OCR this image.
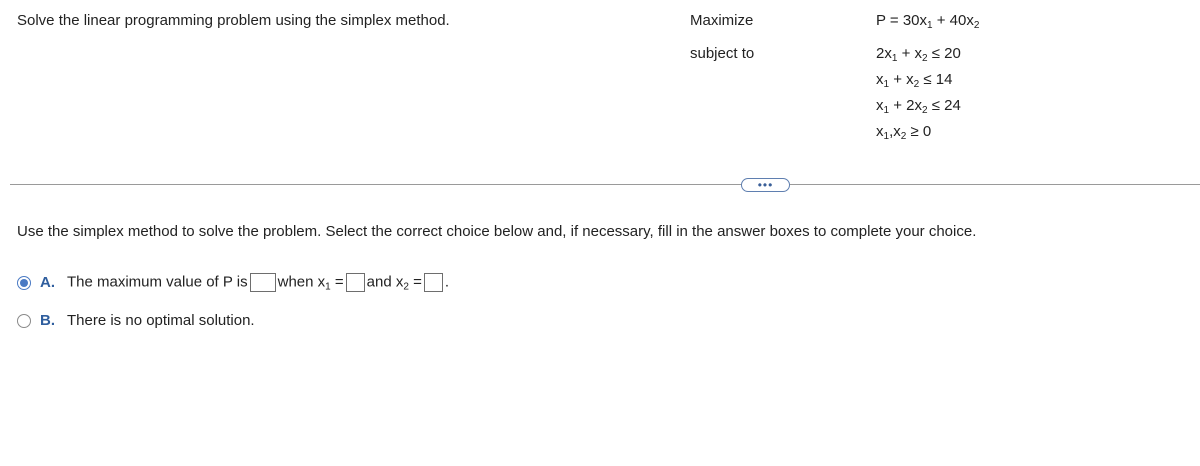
Solve the linear programming problem using the simplex method.	Maximize
subject to
$P = 30x_1 + 40x_2$
$2x_1 + x_2 \le 20$
$x_1 + x_2 \le 14$
$x_1 + 2x_2 \le 24$
$x_1,x_2 \ge 0$
•••
Use the simplex method to solve the problem. Select the correct choice below and, if necessary, fill in the answer boxes to complete your choice.
A. The maximum value of P is when $x_1$ = and $x_2$ = .
B. There is no optimal solution.
